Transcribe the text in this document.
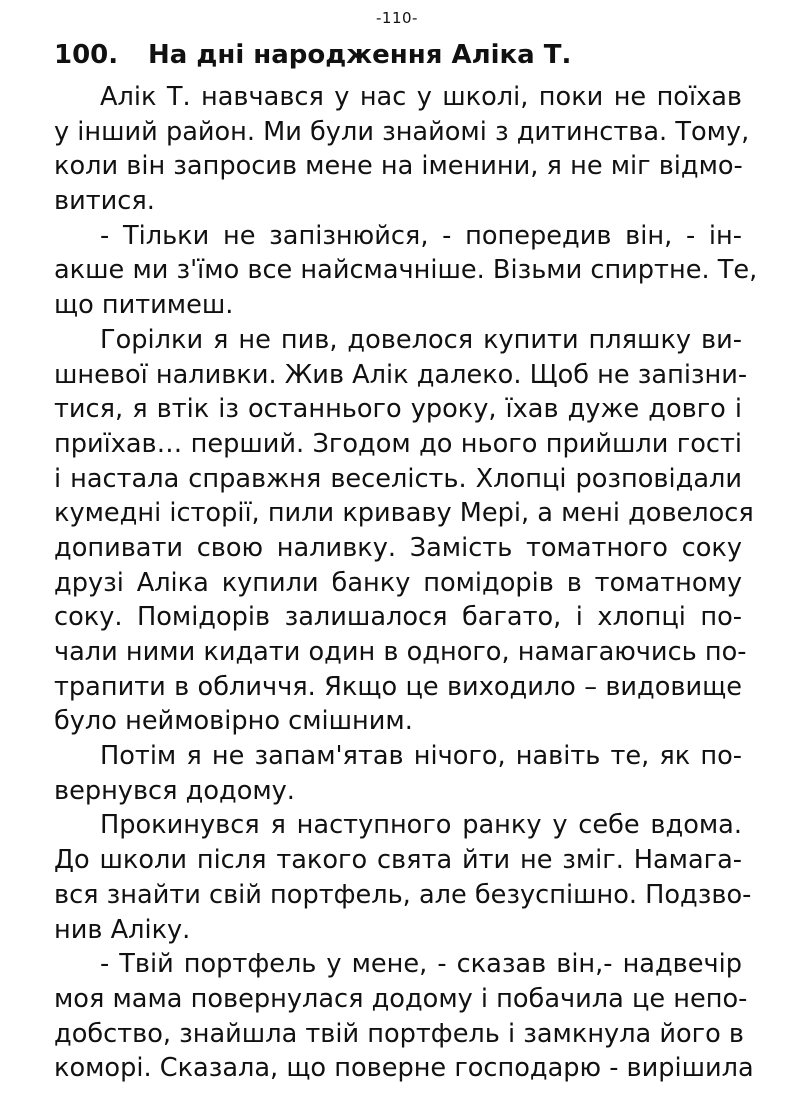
-110-
100. На дні народження Аліка Т.
Алік Т. навчався у нас у школі, поки не поїхав
у інший район. Ми були знайомі з дитинства. Тому,
коли він запросив мене на іменини, я не міг відмо-
витися.
- Тільки не запізнюйся, - попередив він, - ін-
акше ми з'їмо все найсмачніше. Візьми спиртне. Те,
що питимеш.
Горілки я не пив, довелося купити пляшку ви-
шневої наливки. Жив Алік далеко. Щоб не запізни-
тися, я втік із останнього уроку, їхав дуже довго і
приїхав… перший. Згодом до нього прийшли гості
і настала справжня веселість. Хлопці розповідали
кумедні історії, пили криваву Мері, а мені довелося
допивати свою наливку. Замість томатного соку
друзі Аліка купили банку помідорів в томатному
соку. Помідорів залишалося багато, і хлопці по-
чали ними кидати один в одного, намагаючись по-
трапити в обличчя. Якщо це виходило – видовище
було неймовірно смішним.
Потім я не запам'ятав нічого, навіть те, як по-
вернувся додому.
Прокинувся я наступного ранку у себе вдома.
До школи після такого свята йти не зміг. Намага-
вся знайти свій портфель, але безуспішно. Подзво-
нив Аліку.
- Твій портфель у мене, - сказав він,- надвечір
моя мама повернулася додому і побачила це непо-
добство, знайшла твій портфель і замкнула його в
коморі. Сказала, що поверне господарю - вирішила
